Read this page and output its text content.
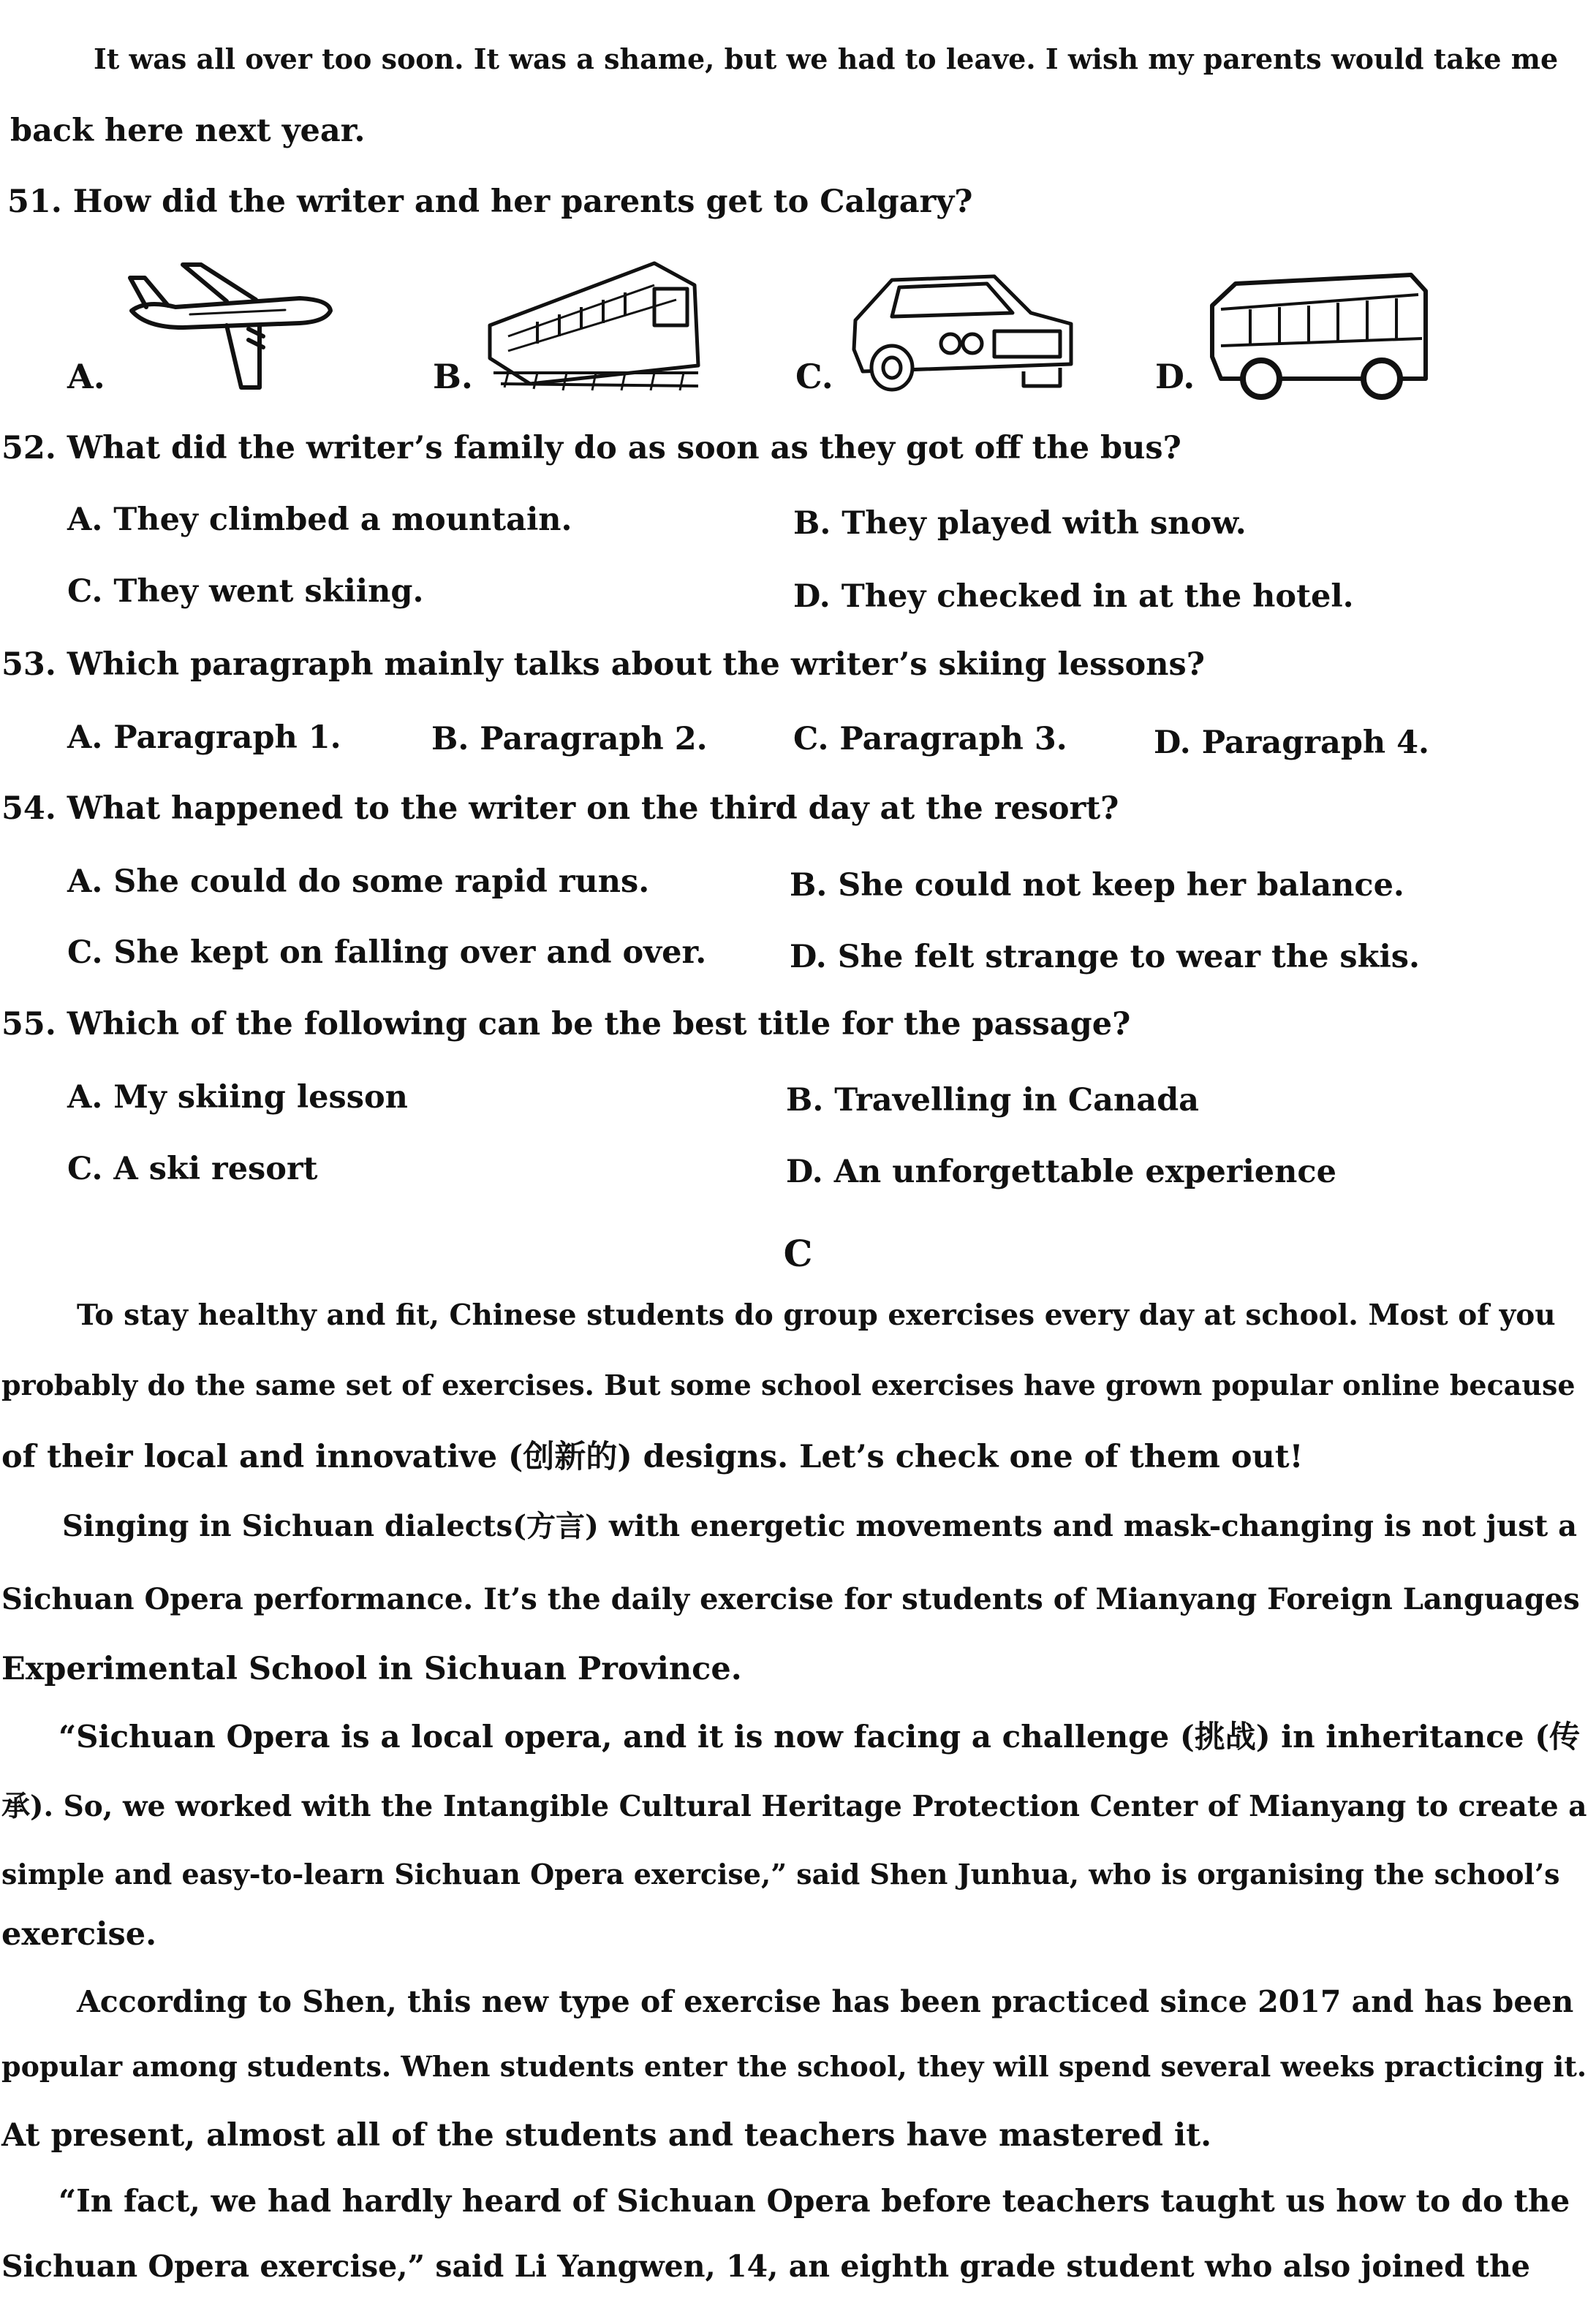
It was all over too soon. It was a shame, but we had to leave. I wish my parents would take me
back here next year.
51. How did the writer and her parents get to Calgary?
A.	B.	C.	D.
52. What did the writer’s family do as soon as they got off the bus?
A. They climbed a mountain.	B. They played with snow.
C. They went skiing.	D. They checked in at the hotel.
53. Which paragraph mainly talks about the writer’s skiing lessons?
A. Paragraph 1.	B. Paragraph 2.	C. Paragraph 3.	D. Paragraph 4.
54. What happened to the writer on the third day at the resort?
A. She could do some rapid runs.	B. She could not keep her balance.
C. She kept on falling over and over.	D. She felt strange to wear the skis.
55. Which of the following can be the best title for the passage?
A. My skiing lesson	B. Travelling in Canada
C. A ski resort	D. An unforgettable experience
C
To stay healthy and fit, Chinese students do group exercises every day at school. Most of you
probably do the same set of exercises. But some school exercises have grown popular online because
of their local and innovative (创新的) designs. Let’s check one of them out!
Singing in Sichuan dialects(方言) with energetic movements and mask-changing is not just a
Sichuan Opera performance. It’s the daily exercise for students of Mianyang Foreign Languages
Experimental School in Sichuan Province.
“Sichuan Opera is a local opera, and it is now facing a challenge (挑战) in inheritance (传
承). So, we worked with the Intangible Cultural Heritage Protection Center of Mianyang to create a
simple and easy-to-learn Sichuan Opera exercise,” said Shen Junhua, who is organising the school’s
exercise.
According to Shen, this new type of exercise has been practiced since 2017 and has been
popular among students. When students enter the school, they will spend several weeks practicing it.
At present, almost all of the students and teachers have mastered it.
“In fact, we had hardly heard of Sichuan Opera before teachers taught us how to do the
Sichuan Opera exercise,” said Li Yangwen, 14, an eighth grade student who also joined the
